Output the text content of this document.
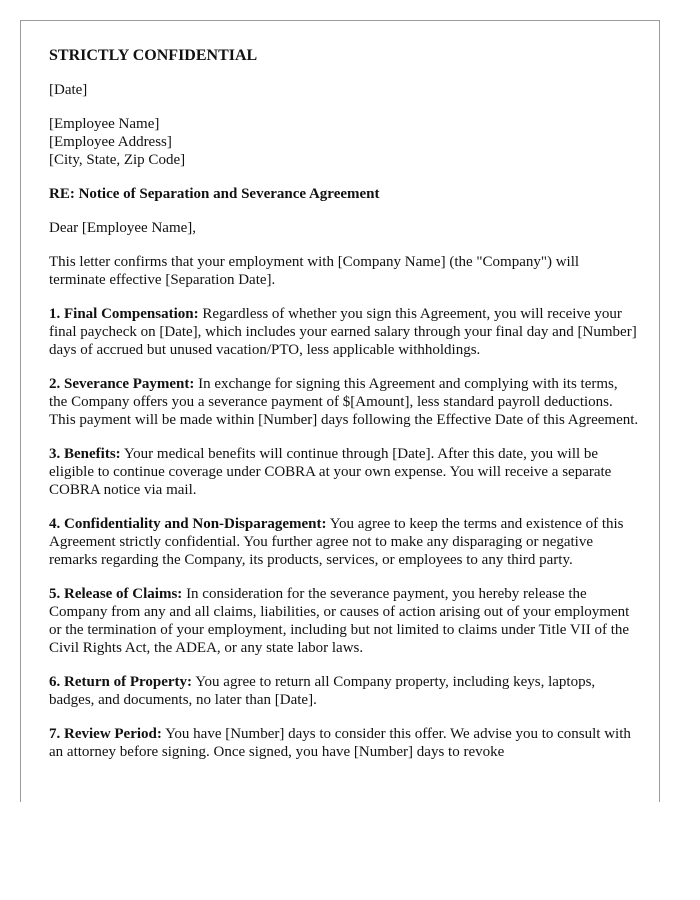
STRICTLY CONFIDENTIAL
[Date]
[Employee Name]
[Employee Address]
[City, State, Zip Code]
RE: Notice of Separation and Severance Agreement
Dear [Employee Name],
This letter confirms that your employment with [Company Name] (the "Company") will terminate effective [Separation Date].
1. Final Compensation: Regardless of whether you sign this Agreement, you will receive your final paycheck on [Date], which includes your earned salary through your final day and [Number] days of accrued but unused vacation/PTO, less applicable withholdings.
2. Severance Payment: In exchange for signing this Agreement and complying with its terms, the Company offers you a severance payment of $[Amount], less standard payroll deductions. This payment will be made within [Number] days following the Effective Date of this Agreement.
3. Benefits: Your medical benefits will continue through [Date]. After this date, you will be eligible to continue coverage under COBRA at your own expense. You will receive a separate COBRA notice via mail.
4. Confidentiality and Non-Disparagement: You agree to keep the terms and existence of this Agreement strictly confidential. You further agree not to make any disparaging or negative remarks regarding the Company, its products, services, or employees to any third party.
5. Release of Claims: In consideration for the severance payment, you hereby release the Company from any and all claims, liabilities, or causes of action arising out of your employment or the termination of your employment, including but not limited to claims under Title VII of the Civil Rights Act, the ADEA, or any state labor laws.
6. Return of Property: You agree to return all Company property, including keys, laptops, badges, and documents, no later than [Date].
7. Review Period: You have [Number] days to consider this offer. We advise you to consult with an attorney before signing. Once signed, you have [Number] days to revoke
